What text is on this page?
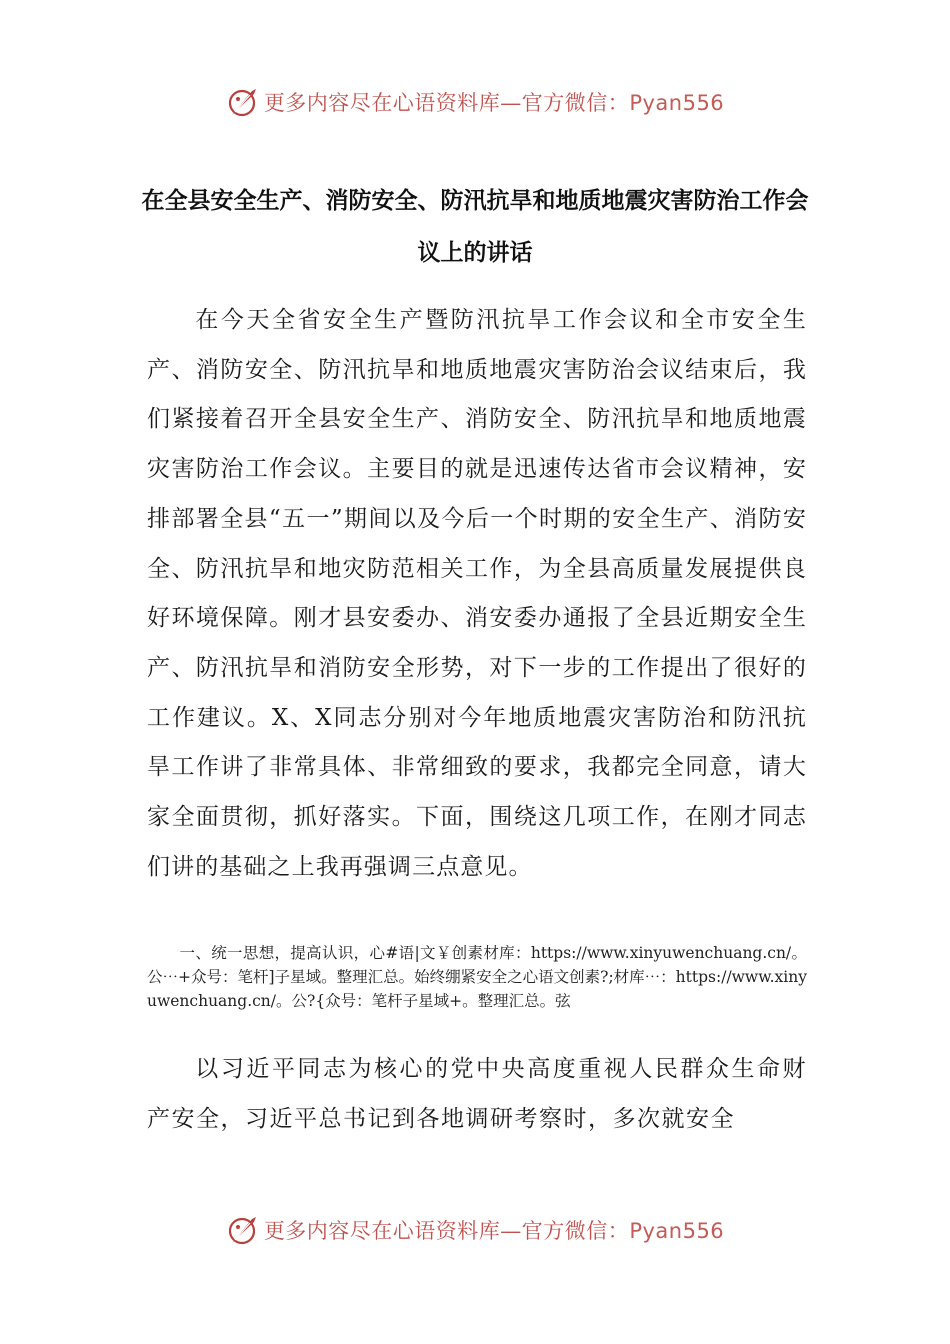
更多内容尽在心语资料库—官方微信：Pyan556
在全县安全生产、消防安全、防汛抗旱和地质地震灾害防治工作会议上的讲话

在今天全省安全生产暨防汛抗旱工作会议和全市安全生产、消防安全、防汛抗旱和地质地震灾害防治会议结束后，我们紧接着召开全县安全生产、消防安全、防汛抗旱和地质地震灾害防治工作会议。主要目的就是迅速传达省市会议精神，安排部署全县“五一”期间以及今后一个时期的安全生产、消防安全、防汛抗旱和地灾防范相关工作，为全县高质量发展提供良好环境保障。刚才县安委办、消安委办通报了全县近期安全生产、防汛抗旱和消防安全形势，对下一步的工作提出了很好的工作建议。X、X同志分别对今年地质地震灾害防治和防汛抗旱工作讲了非常具体、非常细致的要求，我都完全同意，请大家全面贯彻，抓好落实。下面，围绕这几项工作，在刚才同志们讲的基础之上我再强调三点意见。

一、统一思想，提高认识，心#语|文￥创素材库：https://www.xinyuwenchuang.cn/。公⋯+众号：笔杆]子星域。整理汇总。始终绷紧安全之心语文创素?;材库⋯：https://www.xinyuwenchuang.cn/。公?{众号：笔杆子星域+。整理汇总。弦

以习近平同志为核心的党中央高度重视人民群众生命财产安全，习近平总书记到各地调研考察时，多次就安全

更多内容尽在心语资料库—官方微信：Pyan556
